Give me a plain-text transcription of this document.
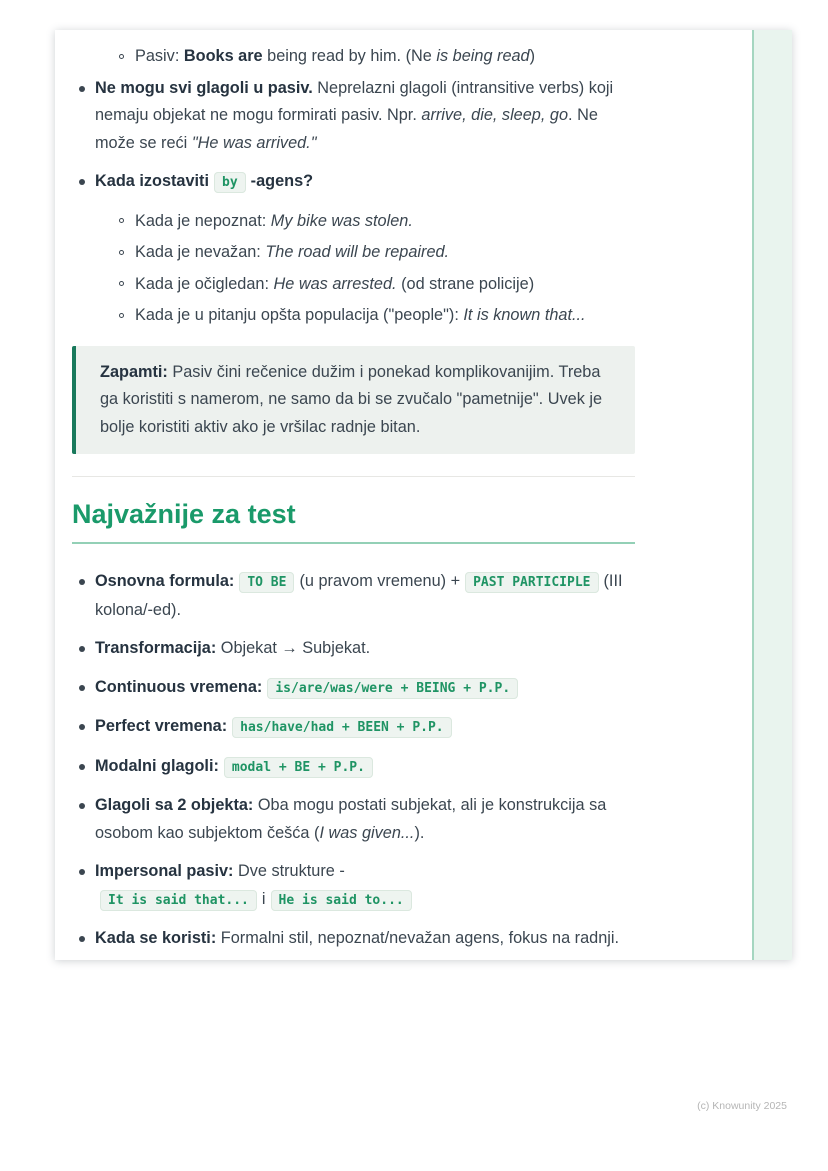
Pasiv: Books are being read by him. (Ne is being read)
Ne mogu svi glagoli u pasiv. Neprelazni glagoli (intransitive verbs) koji nemaju objekat ne mogu formirati pasiv. Npr. arrive, die, sleep, go. Ne može se reći "He was arrived."
Kada izostaviti by -agens?
Kada je nepoznat: My bike was stolen.
Kada je nevažan: The road will be repaired.
Kada je očigledan: He was arrested. (od strane policije)
Kada je u pitanju opšta populacija ("people"): It is known that...

Zapamti: Pasiv čini rečenice dužim i ponekad komplikovanijim. Treba ga koristiti s namerom, ne samo da bi se zvučalo "pametnije". Uvek je bolje koristiti aktiv ako je vršilac radnje bitan.

Najvažnije za test
Osnovna formula: TO BE (u pravom vremenu) + PAST PARTICIPLE (III kolona/-ed).
Transformacija: Objekat → Subjekat.
Continuous vremena: is/are/was/were + BEING + P.P.
Perfect vremena: has/have/had + BEEN + P.P.
Modalni glagoli: modal + BE + P.P.
Glagoli sa 2 objekta: Oba mogu postati subjekat, ali je konstrukcija sa osobom kao subjektom češća (I was given...).
Impersonal pasiv: Dve strukture -It is said that... i He is said to...
Kada se koristi: Formalni stil, nepoznat/nevažan agens, fokus na radnji.
(c) Knowunity 2025
